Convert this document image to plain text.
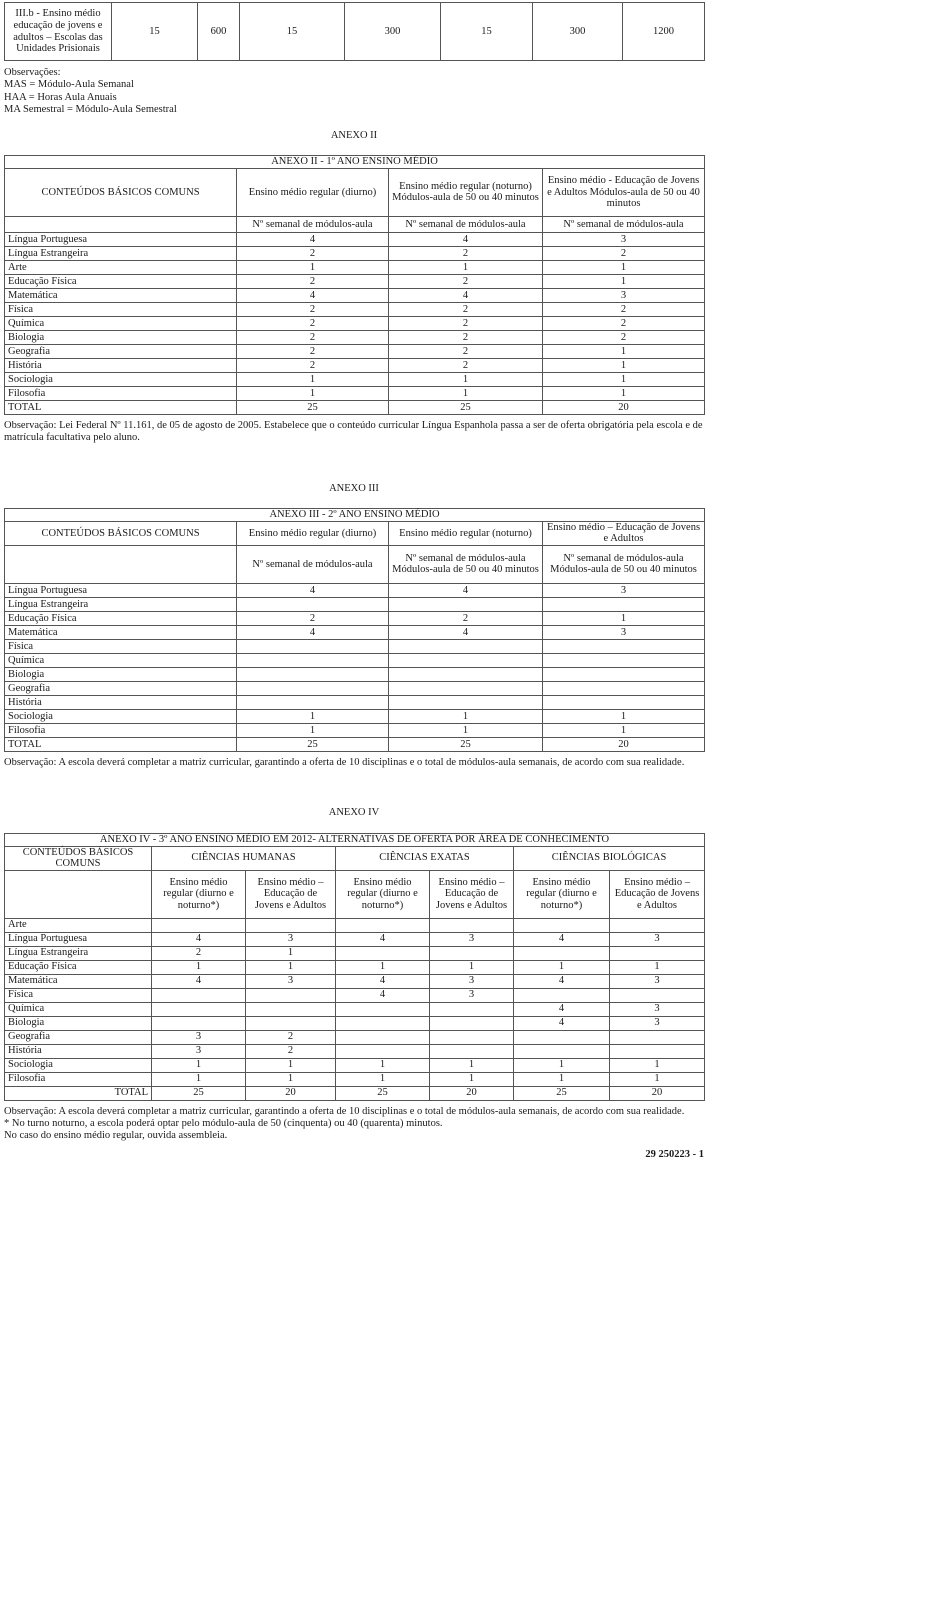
III.b - Ensino médio educação de jovens e adultos – Escolas das Unidades Prisionais	15	600	15	300	15	300	1200
Observações:
MAS = Módulo-Aula Semanal
HAA = Horas Aula Anuais
MA Semestral = Módulo-Aula Semestral

ANEXO II

ANEXO II - 1º ANO ENSINO MÉDIO			
CONTEÚDOS BÁSICOS COMUNS	Ensino médio regular (diurno)	Ensino médio regular (noturno) Módulos-aula de 50 ou 40 minutos	Ensino médio - Educação de Jovens e Adultos Módulos-aula de 50 ou 40 minutos
	Nº semanal de módulos-aula	Nº semanal de módulos-aula	Nº semanal de módulos-aula
Língua Portuguesa	4	4	3
Língua Estrangeira	2	2	2
Arte	1	1	1
Educação Física	2	2	1
Matemática	4	4	3
Física	2	2	2
Química	2	2	2
Biologia	2	2	2
Geografia	2	2	1
História	2	2	1
Sociologia	1	1	1
Filosofia	1	1	1
TOTAL	25	25	20
Observação: Lei Federal Nº 11.161, de 05 de agosto de 2005. Estabelece que o conteúdo curricular Língua Espanhola passa a ser de oferta obrigatória pela escola e de matrícula facultativa pelo aluno.

ANEXO III

ANEXO III - 2º ANO ENSINO MÉDIO			
CONTEÚDOS BÁSICOS COMUNS	Ensino médio regular (diurno)	Ensino médio regular (noturno)	Ensino médio – Educação de Jovens e Adultos
	Nº semanal de módulos-aula	Nº semanal de módulos-aula Módulos-aula de 50 ou 40 minutos	Nº semanal de módulos-aula Módulos-aula de 50 ou 40 minutos
Língua Portuguesa	4	4	3
Língua Estrangeira			
Educação Física	2	2	1
Matemática	4	4	3
Física			
Química			
Biologia			
Geografia			
História			
Sociologia	1	1	1
Filosofia	1	1	1
TOTAL	25	25	20
Observação: A escola deverá completar a matriz curricular, garantindo a oferta de 10 disciplinas e o total de módulos-aula semanais, de acordo com sua realidade.

ANEXO IV

ANEXO IV - 3º ANO ENSINO MÉDIO EM 2012- ALTERNATIVAS DE OFERTA POR ÁREA DE CONHECIMENTO						
CONTEÚDOS BÁSICOS COMUNS	CIÊNCIAS HUMANAS		CIÊNCIAS EXATAS		CIÊNCIAS BIOLÓGICAS	
	Ensino médio regular (diurno e noturno*)	Ensino médio – Educação de Jovens e Adultos	Ensino médio regular (diurno e noturno*)	Ensino médio – Educação de Jovens e Adultos	Ensino médio regular (diurno e noturno*)	Ensino médio – Educação de Jovens e Adultos
Arte						
Língua Portuguesa	4	3	4	3	4	3
Língua Estrangeira	2	1				
Educação Física	1	1	1	1	1	1
Matemática	4	3	4	3	4	3
Física			4	3		
Química					4	3
Biologia					4	3
Geografia	3	2				
História	3	2				
Sociologia	1	1	1	1	1	1
Filosofia	1	1	1	1	1	1
TOTAL	25	20	25	20	25	20
Observação: A escola deverá completar a matriz curricular, garantindo a oferta de 10 disciplinas e o total de módulos-aula semanais, de acordo com sua realidade.
* No turno noturno, a escola poderá optar pelo módulo-aula de 50 (cinquenta) ou 40 (quarenta) minutos.
No caso do ensino médio regular, ouvida assembleia.
29 250223 - 1
